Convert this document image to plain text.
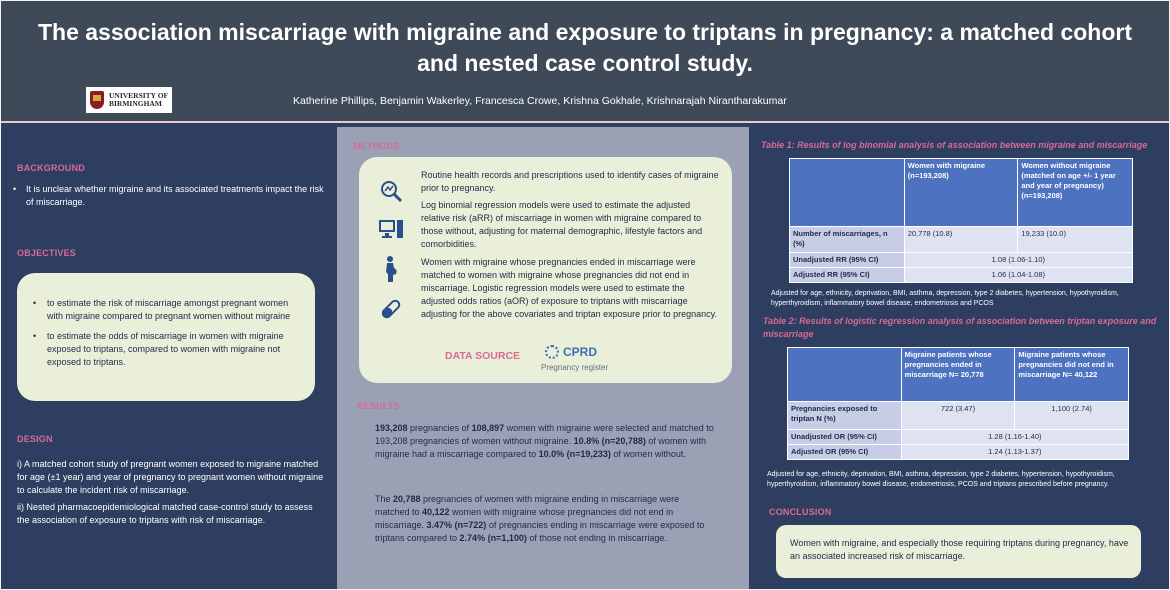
The association miscarriage with migraine and exposure to triptans in pregnancy: a matched cohort and nested case control study.
UNIVERSITY OF
BIRMINGHAM	Katherine Phillips, Benjamin Wakerley, Francesca Crowe, Krishna Gokhale, Krishnarajah Nirantharakumar
BACKGROUND
• It is unclear whether migraine and its associated treatments impact the risk of miscarriage.
OBJECTIVES
• to estimate the risk of miscarriage amongst pregnant women with migraine compared to pregnant women without migraine
• to estimate the odds of miscarriage in women with migraine exposed to triptans, compared to women with migraine not exposed to triptans.
DESIGN
i) A matched cohort study of pregnant women exposed to migraine matched for age (±1 year) and year of pregnancy to pregnant women without migraine to calculate the incident risk of miscarriage.
ii) Nested pharmacoepidemiological matched case-control study to assess the association of exposure to triptans with risk of miscarriage.
METHODS
Routine health records and prescriptions used to identify cases of migraine prior to pregnancy.
Log binomial regression models were used to estimate the adjusted relative risk (aRR) of miscarriage in women with migraine compared to those without, adjusting for maternal demographic, lifestyle factors and comorbidities.
Women with migraine whose pregnancies ended in miscarriage were matched to women with migraine whose pregnancies did not end in miscarriage. Logistic regression models were used to estimate the adjusted odds ratios (aOR) of exposure to triptans with miscarriage adjusting for the above covariates and triptan exposure prior to pregnancy.
DATA SOURCE	CPRD
Pregnancy register
RESULTS
193,208 pregnancies of 108,897 women with migraine were selected and matched to 193,208 pregnancies of women without migraine. 10.8% (n=20,788) of women with migraine had a miscarriage compared to 10.0% (n=19,233) of women without.
The 20,788 pregnancies of women with migraine ending in miscarriage were matched to 40,122 women with migraine whose pregnancies did not end in miscarriage. 3.47% (n=722) of pregnancies ending in miscarriage were exposed to triptans compared to 2.74% (n=1,100) of those not ending in miscarriage.
Table 1: Results of log binomial analysis of association between migraine and miscarriage
	Women with migraine (n=193,208)	Women without migraine (matched on age +/- 1 year and year of pregnancy) (n=193,208)
Number of miscarriages, n (%)	20,778 (10.8)	19,233 (10.0)
Unadjusted RR (95% CI)	1.08 (1.06-1.10)	
Adjusted RR (95% CI)	1.06 (1.04-1.08)	
Adjusted for age, ethnicity, deprivation, BMI, asthma, depression, type 2 diabetes, hypertension, hypothyroidism, hyperthyroidism, inflammatory bowel disease, endometriosis and PCOS
Table 2: Results of logistic regression analysis of association between triptan exposure and miscarriage
	Migraine patients whose pregnancies ended in miscarriage N= 20,778	Migraine patients whose pregnancies did not end in miscarriage N= 40,122
Pregnancies exposed to triptan N (%)	722 (3.47)	1,100 (2.74)
Unadjusted OR (95% CI)	1.28 (1.16-1.40)	
Adjusted OR (95% CI)	1.24 (1.13-1.37)	
Adjusted for age, ethnicity, deprivation, BMI, asthma, depression, type 2 diabetes, hypertension, hypothyroidism, hyperthyroidism, inflammatory bowel disease, endometriosis, PCOS and triptans prescribed before pregnancy.
CONCLUSION
Women with migraine, and especially those requiring triptans during pregnancy, have an associated increased risk of miscarriage.
